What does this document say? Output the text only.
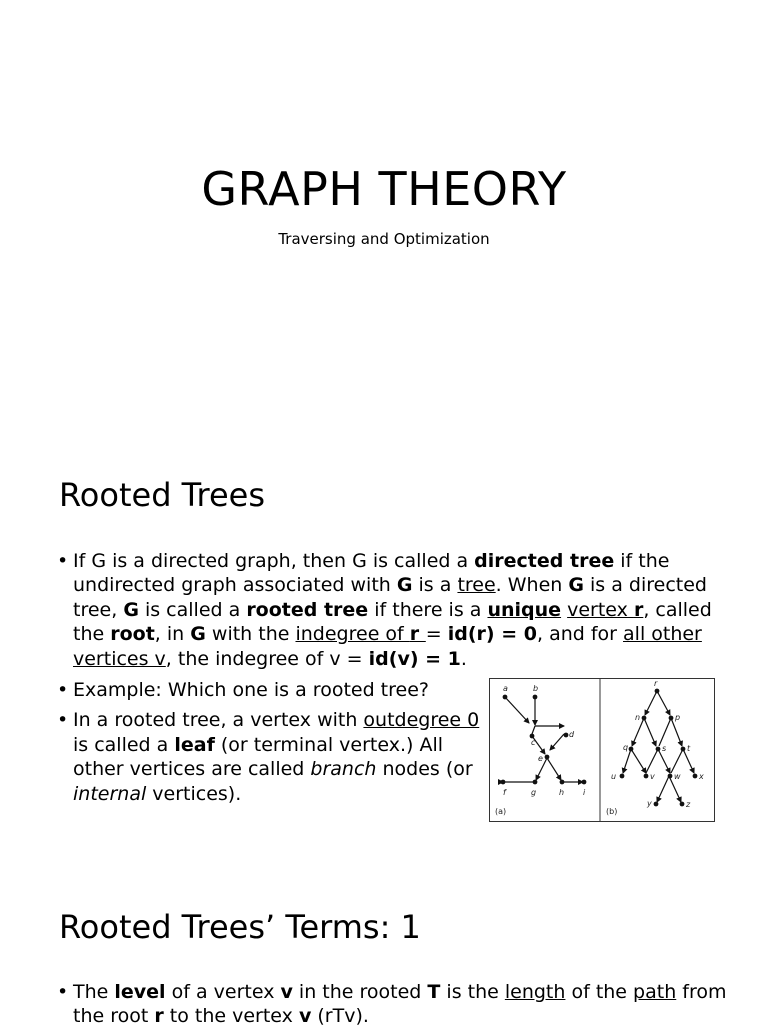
GRAPH THEORY
Traversing and Optimization
Rooted Trees
• If G is a directed graph, then G is called a directed tree if the undirected graph associated with G is a tree. When G is a directed tree, G is called a rooted tree if there is a unique vertex r, called the root, in G with the indegree of r = id(r) = 0, and for all other vertices v, the indegree of v = id(v) = 1.
• Example: Which one is a rooted tree?
• In a rooted tree, a vertex with outdegree 0 is called a leaf (or terminal vertex.) All other vertices are called branch nodes (or internal vertices).
a	b
c
d
e
f	g	h i
(a)
r
n	p
q	s	t
u	v w x
y	z
(b)
Rooted Trees’ Terms: 1
• The level of a vertex v in the rooted T is the length of the path from the root r to the vertex v (rTv).
